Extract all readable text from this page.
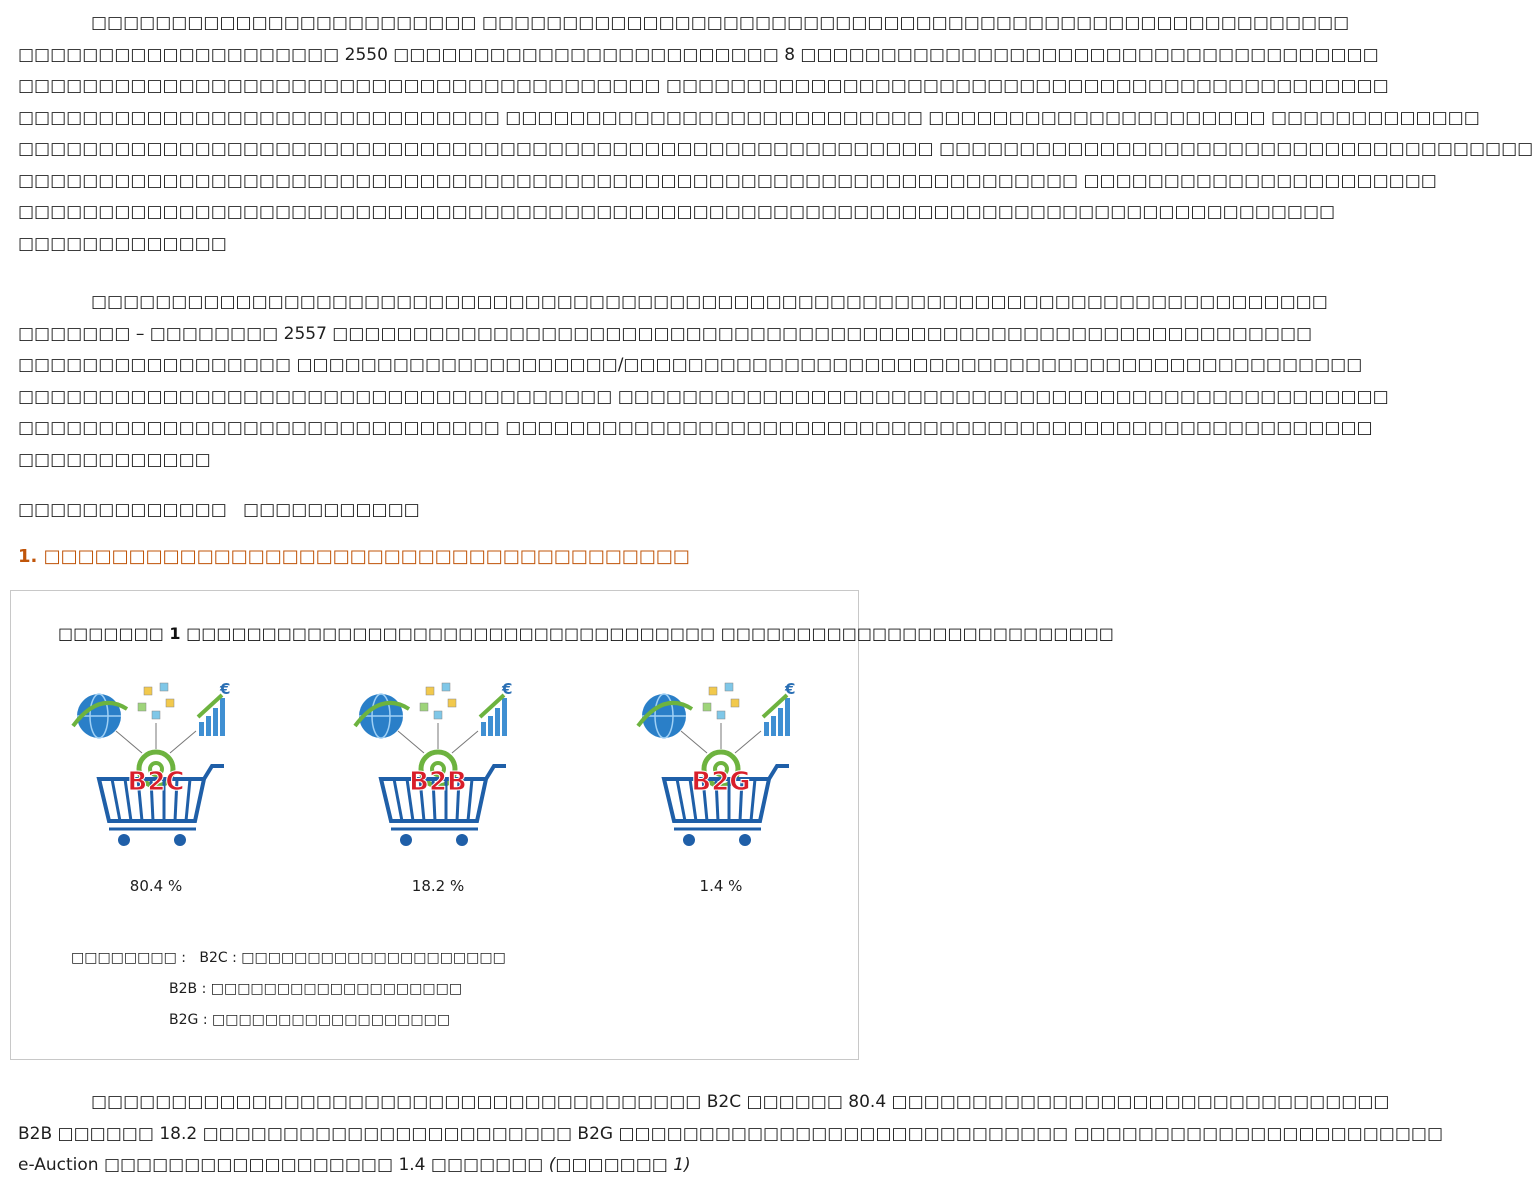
□□□□□□□□□□□□□□□□□□□□□□□□ □□□□□□□□□□□□□□□□□□□□□□□□□□□□□□□□□□□□□□□□□□□□□□□□□□□□□□
□□□□□□□□□□□□□□□□□□□□ 2550 □□□□□□□□□□□□□□□□□□□□□□□□ 8 □□□□□□□□□□□□□□□□□□□□□□□□□□□□□□□□□□□□
□□□□□□□□□□□□□□□□□□□□□□□□□□□□□□□□□□□□□□□□ □□□□□□□□□□□□□□□□□□□□□□□□□□□□□□□□□□□□□□□□□□□□□
□□□□□□□□□□□□□□□□□□□□□□□□□□□□□□ □□□□□□□□□□□□□□□□□□□□□□□□□□ □□□□□□□□□□□□□□□□□□□□□ □□□□□□□□□□□□□
□□□□□□□□□□□□□□□□□□□□□□□□□□□□□□□□□□□□□□□□□□□□□□□□□□□□□□□□□ □□□□□□□□□□□□□□□□□□□□□□□□□□□□□□□□□□□□□
□□□□□□□□□□□□□□□□□□□□□□□□□□□□□□□□□□□□□□□□□□□□□□□□□□□□□□□□□□□□□□□□□□ □□□□□□□□□□□□□□□□□□□□□□
□□□□□□□□□□□□□□□□□□□□□□□□□□□□□□□□□□□□□□□□□□□□□□□□□□□□□□□□□□□□□□□□□□□□□□□□□□□□□□□□□□
□□□□□□□□□□□□□
□□□□□□□□□□□□□□□□□□□□□□□□□□□□□□□□□□□□□□□□□□□□□□□□□□□□□□□□□□□□□□□□□□□□□□□□□□□□□
□□□□□□□ – □□□□□□□□ 2557 □□□□□□□□□□□□□□□□□□□□□□□□□□□□□□□□□□□□□□□□□□□□□□□□□□□□□□□□□□□□□
□□□□□□□□□□□□□□□□□ □□□□□□□□□□□□□□□□□□□□/□□□□□□□□□□□□□□□□□□□□□□□□□□□□□□□□□□□□□□□□□□□□□□
□□□□□□□□□□□□□□□□□□□□□□□□□□□□□□□□□□□□□ □□□□□□□□□□□□□□□□□□□□□□□□□□□□□□□□□□□□□□□□□□□□□□□□
□□□□□□□□□□□□□□□□□□□□□□□□□□□□□□ □□□□□□□□□□□□□□□□□□□□□□□□□□□□□□□□□□□□□□□□□□□□□□□□□□□□□□
□□□□□□□□□□□□
□□□□□□□□□□□□□ □□□□□□□□□□□
1. □□□□□□□□□□□□□□□□□□□□□□□□□□□□□□□□□□□□□□
□□□□□□□ 1 □□□□□□□□□□□□□□□□□□□□□□□□□□□□□□□□□□□ □□□□□□□□□□□□□□□□□□□□□□□□□□
€
B2C
80.4 %
€
B2B
18.2 %
€
B2G
1.4 %
□□□□□□□□ : B2C : □□□□□□□□□□□□□□□□□□□□
B2B : □□□□□□□□□□□□□□□□□□□
B2G : □□□□□□□□□□□□□□□□□□
□□□□□□□□□□□□□□□□□□□□□□□□□□□□□□□□□□□□□□ B2C □□□□□□ 80.4 □□□□□□□□□□□□□□□□□□□□□□□□□□□□□□□
B2B □□□□□□ 18.2 □□□□□□□□□□□□□□□□□□□□□□□ B2G □□□□□□□□□□□□□□□□□□□□□□□□□□□□ □□□□□□□□□□□□□□□□□□□□□□□
e-Auction □□□□□□□□□□□□□□□□□□ 1.4 □□□□□□□ (□□□□□□□ 1)
